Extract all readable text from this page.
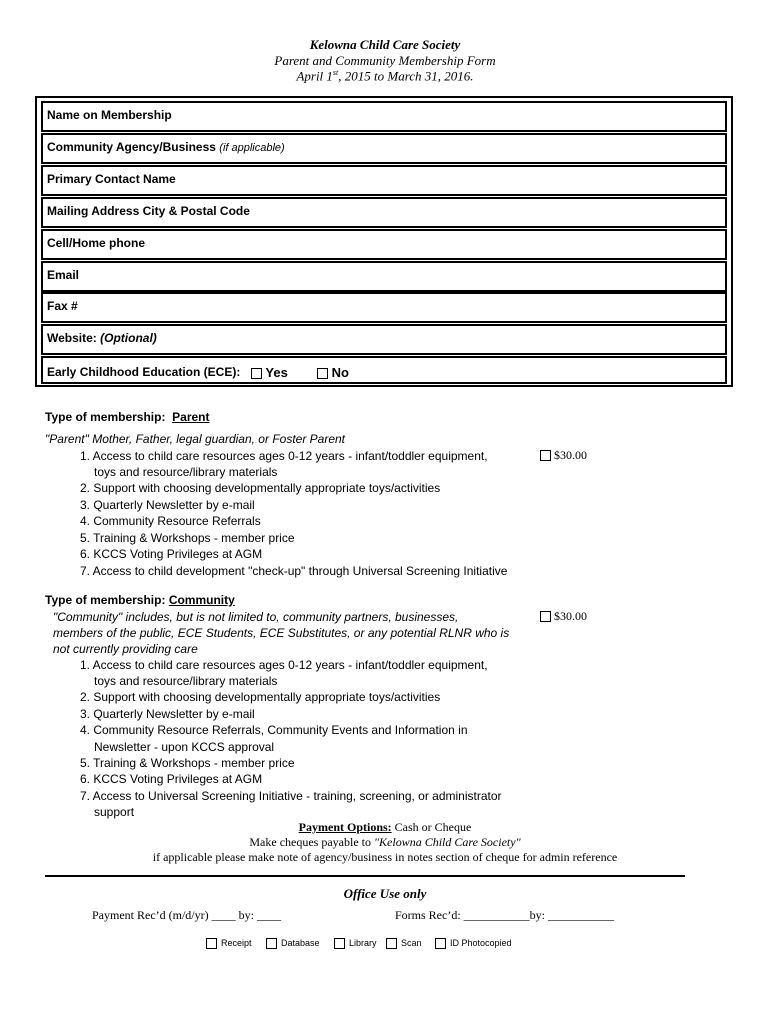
Kelowna Child Care Society
Parent and Community Membership Form
April 1st, 2015 to March 31, 2016.
Name on Membership
Community Agency/Business (if applicable)
Primary Contact Name
Mailing Address City & Postal Code
Cell/Home phone
Email
Fax #
Website: (Optional)
Early Childhood Education (ECE):	Yes	No
Type of membership: Parent
"Parent" Mother, Father, legal guardian, or Foster Parent
$30.00
1. Access to child care resources ages 0-12 years - infant/toddler equipment,
toys and resource/library materials
2. Support with choosing developmentally appropriate toys/activities
3. Quarterly Newsletter by e-mail
4. Community Resource Referrals
5. Training & Workshops - member price
6. KCCS Voting Privileges at AGM
7. Access to child development "check-up" through Universal Screening Initiative
Type of membership: Community
"Community" includes, but is not limited to, community partners, businesses,
members of the public, ECE Students, ECE Substitutes, or any potential RLNR who is
not currently providing care
$30.00
1. Access to child care resources ages 0-12 years - infant/toddler equipment,
toys and resource/library materials
2. Support with choosing developmentally appropriate toys/activities
3. Quarterly Newsletter by e-mail
4. Community Resource Referrals, Community Events and Information in
Newsletter - upon KCCS approval
5. Training & Workshops - member price
6. KCCS Voting Privileges at AGM
7. Access to Universal Screening Initiative - training, screening, or administrator
support
Payment Options: Cash or Cheque
Make cheques payable to "Kelowna Child Care Society"
if applicable please make note of agency/business in notes section of cheque for admin reference
Office Use only
Payment Rec’d (m/d/yr) ____ by: ____	Forms Rec’d: ___________by: ___________
Receipt	Database	Library	Scan	ID Photocopied
